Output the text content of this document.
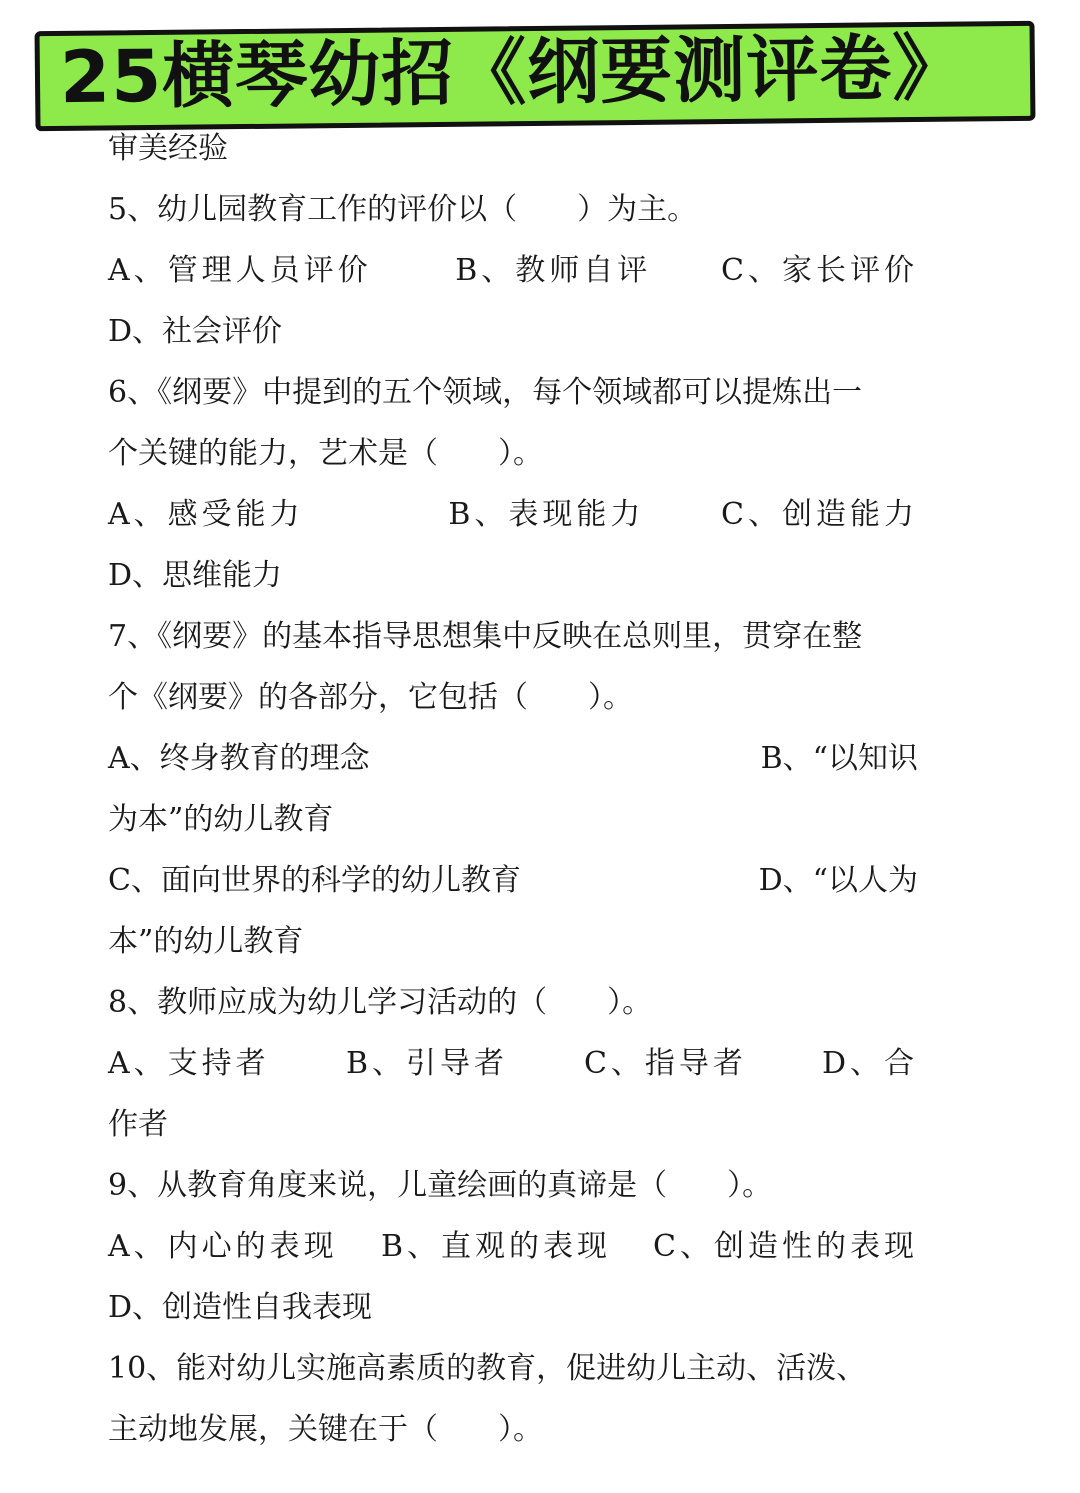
25横琴幼招《纲要测评卷》
审美经验
5、幼儿园教育工作的评价以（　　）为主。
A、管理人员评价	B、教师自评	C、家长评价
D、社会评价
6、《纲要》中提到的五个领域，每个领域都可以提炼出一
个关键的能力，艺术是（　　）。
A、感受能力	B、表现能力	C、创造能力
D、思维能力
7、《纲要》的基本指导思想集中反映在总则里，贯穿在整
个《纲要》的各部分，它包括（　　）。
A、终身教育的理念	B、“以知识
为本”的幼儿教育
C、面向世界的科学的幼儿教育	D、“以人为
本”的幼儿教育
8、教师应成为幼儿学习活动的（　　）。
A、支持者	B、引导者	C、指导者	D、合
作者
9、从教育角度来说，儿童绘画的真谛是（　　）。
A、内心的表现	B、直观的表现	C、创造性的表现
D、创造性自我表现
10、能对幼儿实施高素质的教育，促进幼儿主动、活泼、
主动地发展，关键在于（　　）。
